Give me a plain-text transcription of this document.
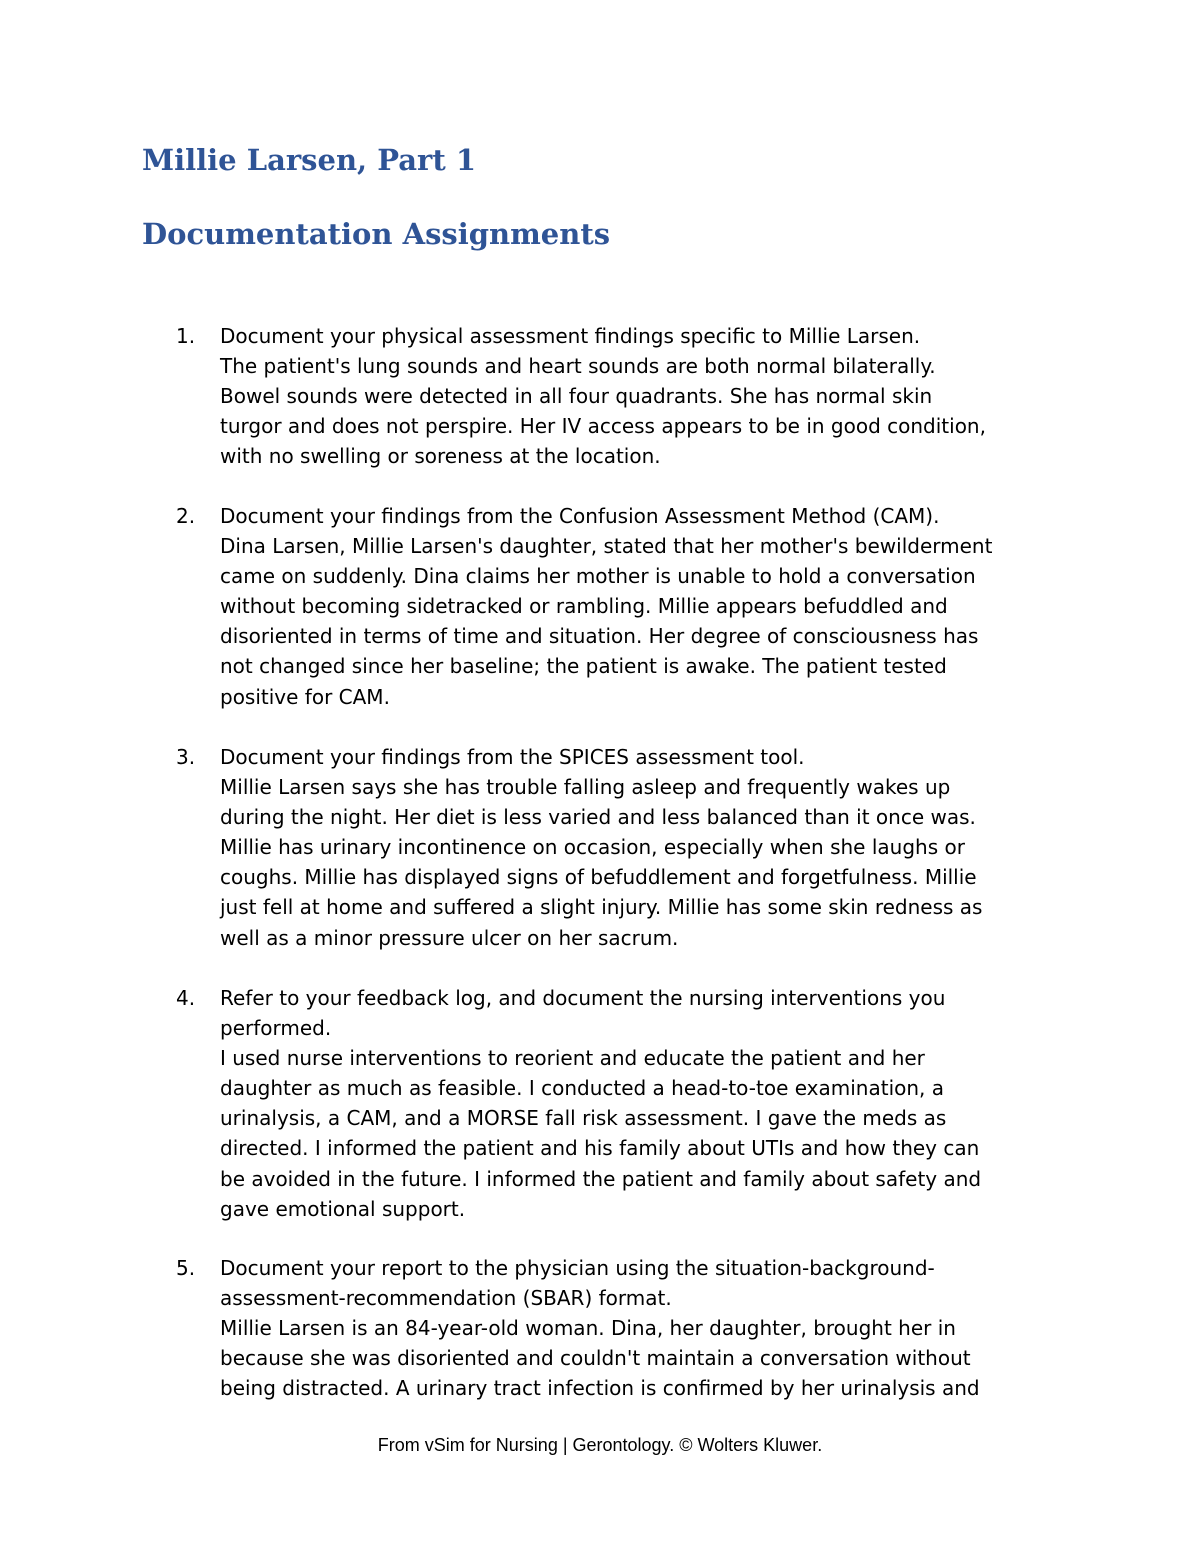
Millie Larsen, Part 1
Documentation Assignments
1. Document your physical assessment findings specific to Millie Larsen.
The patient's lung sounds and heart sounds are both normal bilaterally.
Bowel sounds were detected in all four quadrants. She has normal skin
turgor and does not perspire. Her IV access appears to be in good condition,
with no swelling or soreness at the location.
2. Document your findings from the Confusion Assessment Method (CAM).
Dina Larsen, Millie Larsen's daughter, stated that her mother's bewilderment
came on suddenly. Dina claims her mother is unable to hold a conversation
without becoming sidetracked or rambling. Millie appears befuddled and
disoriented in terms of time and situation. Her degree of consciousness has
not changed since her baseline; the patient is awake. The patient tested
positive for CAM.
3. Document your findings from the SPICES assessment tool.
Millie Larsen says she has trouble falling asleep and frequently wakes up
during the night. Her diet is less varied and less balanced than it once was.
Millie has urinary incontinence on occasion, especially when she laughs or
coughs. Millie has displayed signs of befuddlement and forgetfulness. Millie
just fell at home and suffered a slight injury. Millie has some skin redness as
well as a minor pressure ulcer on her sacrum.
4. Refer to your feedback log, and document the nursing interventions you
performed.
I used nurse interventions to reorient and educate the patient and her
daughter as much as feasible. I conducted a head-to-toe examination, a
urinalysis, a CAM, and a MORSE fall risk assessment. I gave the meds as
directed. I informed the patient and his family about UTIs and how they can
be avoided in the future. I informed the patient and family about safety and
gave emotional support.
5. Document your report to the physician using the situation-background-
assessment-recommendation (SBAR) format.
Millie Larsen is an 84-year-old woman. Dina, her daughter, brought her in
because she was disoriented and couldn't maintain a conversation without
being distracted. A urinary tract infection is confirmed by her urinalysis and
From vSim for Nursing | Gerontology. © Wolters Kluwer.
